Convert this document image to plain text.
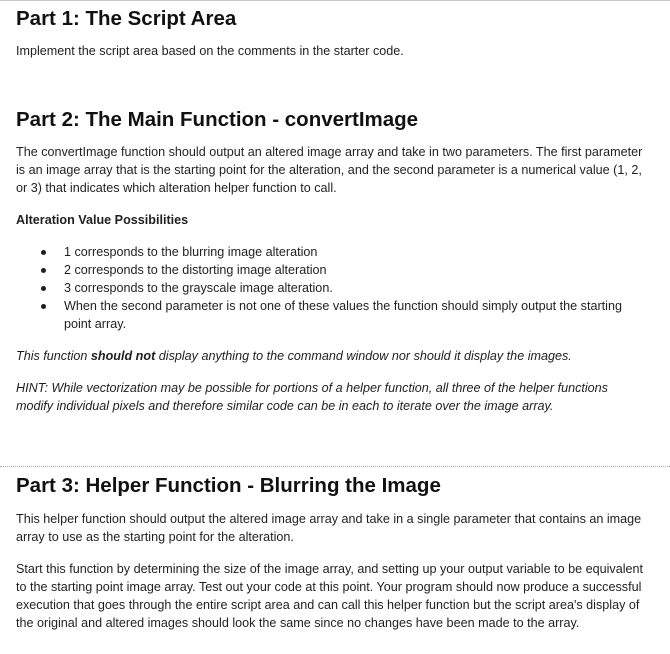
Part 1: The Script Area

Implement the script area based on the comments in the starter code.

Part 2: The Main Function - convertImage

The convertImage function should output an altered image array and take in two parameters. The first parameter is an image array that is the starting point for the alteration, and the second parameter is a numerical value (1, 2, or 3) that indicates which alteration helper function to call.

Alteration Value Possibilities

1 corresponds to the blurring image alteration
2 corresponds to the distorting image alteration
3 corresponds to the grayscale image alteration.
When the second parameter is not one of these values the function should simply output the starting point array.

This function should not display anything to the command window nor should it display the images.

HINT: While vectorization may be possible for portions of a helper function, all three of the helper functions modify individual pixels and therefore similar code can be in each to iterate over the image array.

Part 3: Helper Function - Blurring the Image

This helper function should output the altered image array and take in a single parameter that contains an image array to use as the starting point for the alteration.

Start this function by determining the size of the image array, and setting up your output variable to be equivalent to the starting point image array. Test out your code at this point. Your program should now produce a successful execution that goes through the entire script area and can call this helper function but the script area's display of the original and altered images should look the same since no changes have been made to the array.
